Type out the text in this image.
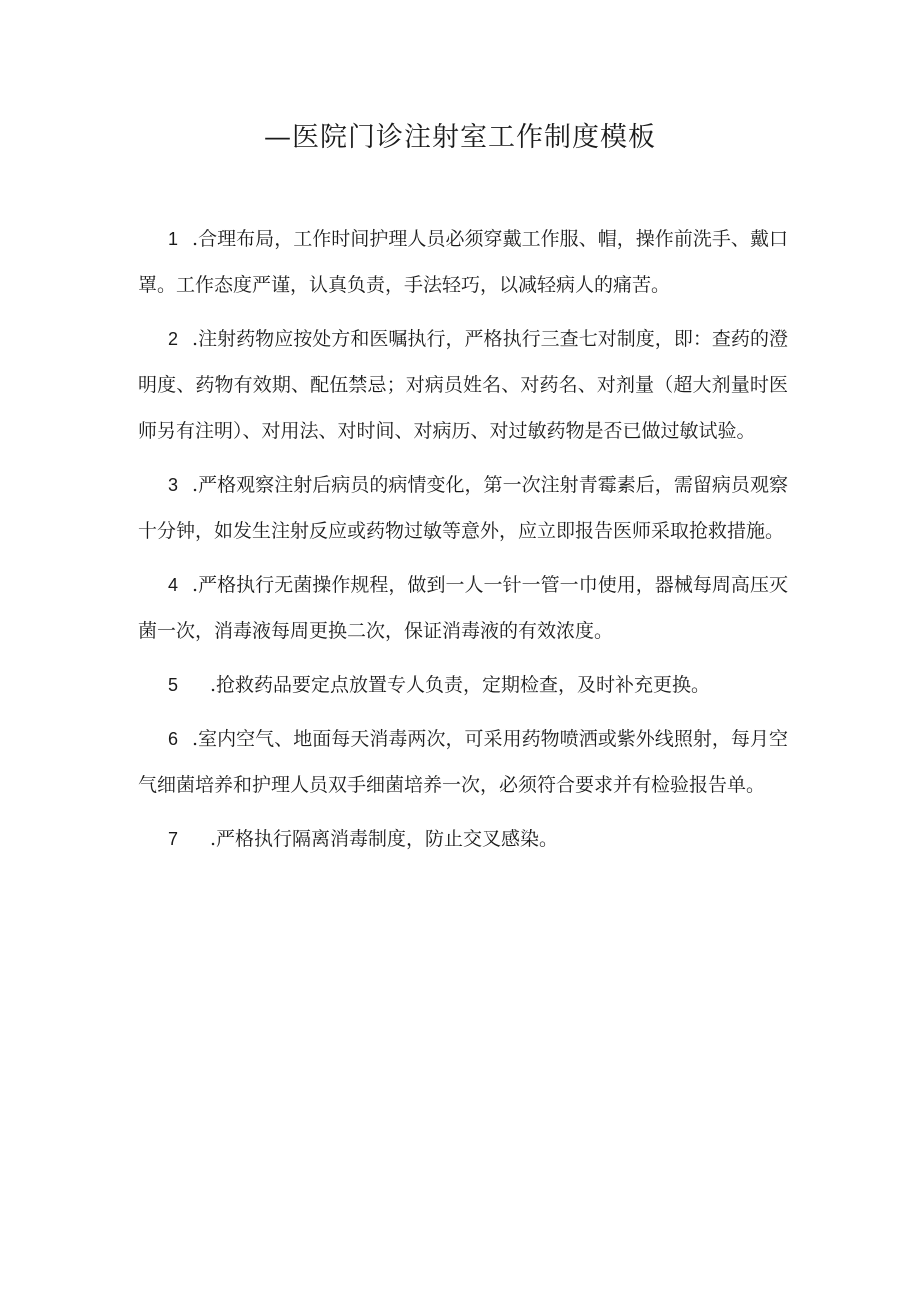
—医院门诊注射室工作制度模板

1 .合理布局，工作时间护理人员必须穿戴工作服、帽，操作前洗手、戴口罩。工作态度严谨，认真负责，手法轻巧，以减轻病人的痛苦。

2 .注射药物应按处方和医嘱执行，严格执行三查七对制度，即：查药的澄明度、药物有效期、配伍禁忌；对病员姓名、对药名、对剂量（超大剂量时医师另有注明）、对用法、对时间、对病历、对过敏药物是否已做过敏试验。

3 .严格观察注射后病员的病情变化，第一次注射青霉素后，需留病员观察十分钟，如发生注射反应或药物过敏等意外，应立即报告医师采取抢救措施。

4 .严格执行无菌操作规程，做到一人一针一管一巾使用，器械每周高压灭菌一次，消毒液每周更换二次，保证消毒液的有效浓度。

5 .抢救药品要定点放置专人负责，定期检查，及时补充更换。

6 .室内空气、地面每天消毒两次，可采用药物喷洒或紫外线照射，每月空气细菌培养和护理人员双手细菌培养一次，必须符合要求并有检验报告单。

7 .严格执行隔离消毒制度，防止交叉感染。
